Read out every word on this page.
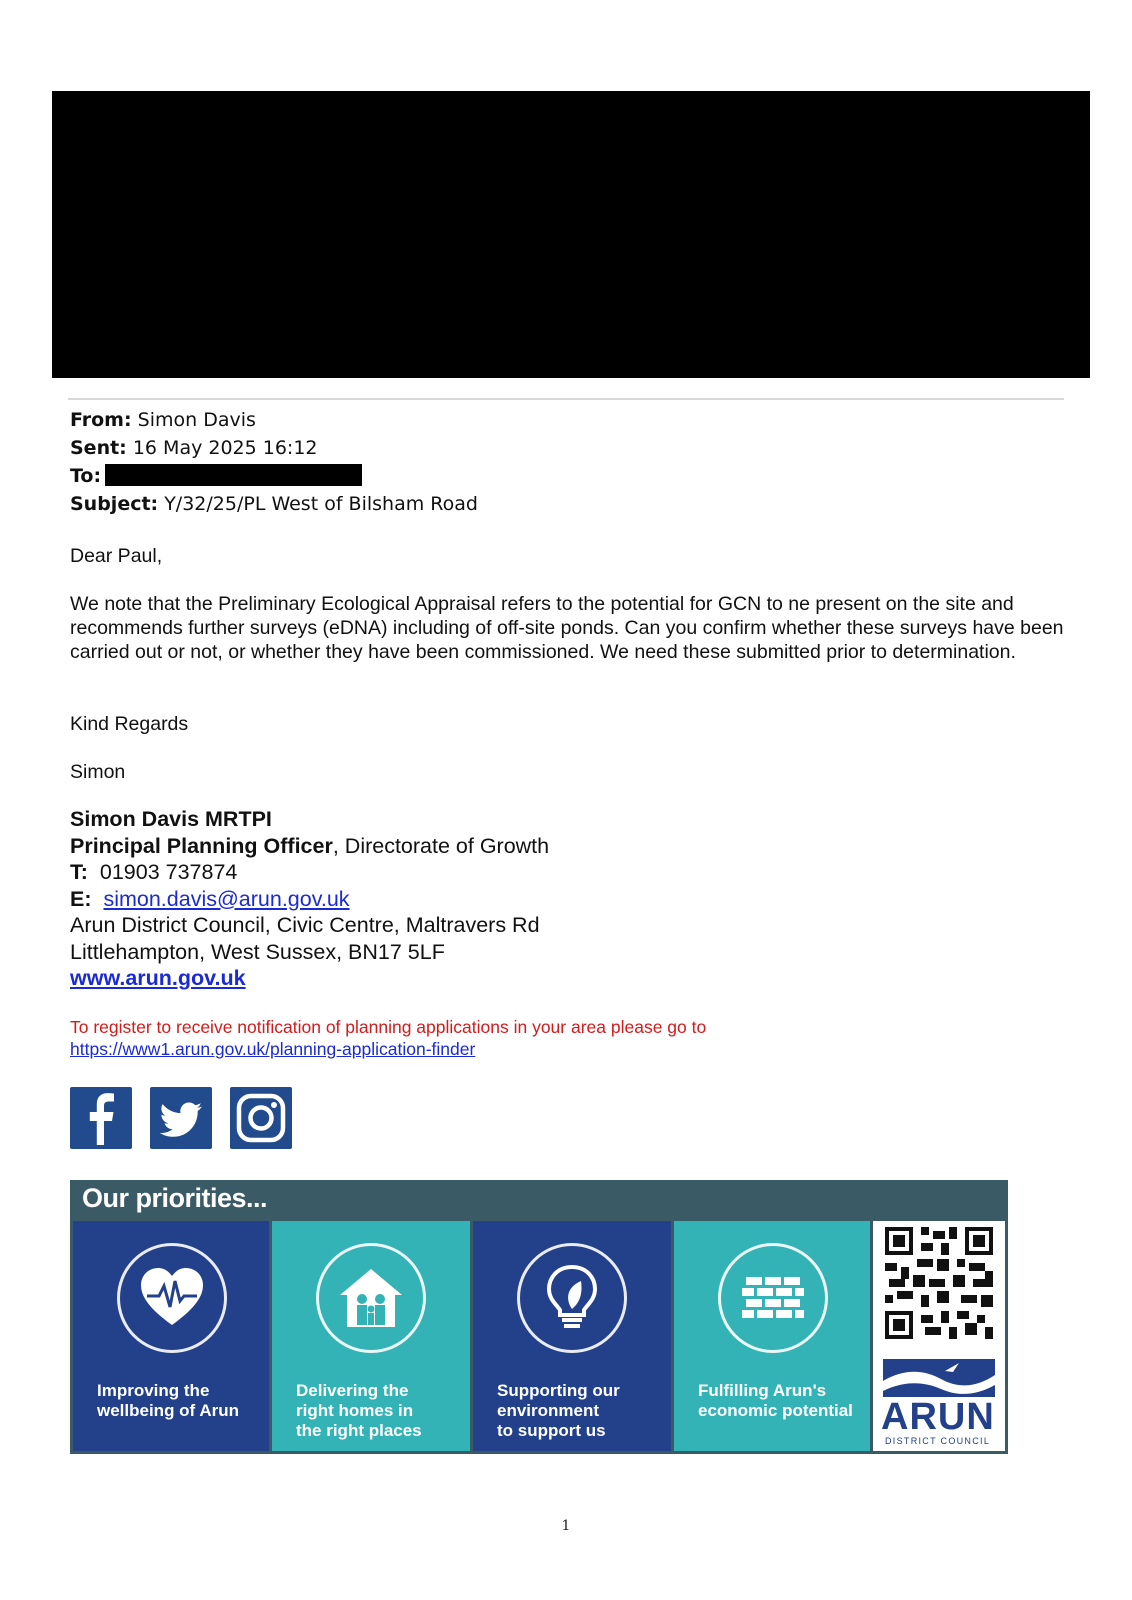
From: Simon Davis
Sent: 16 May 2025 16:12
To:
Subject: Y/32/25/PL West of Bilsham Road
Dear Paul,
We note that the Preliminary Ecological Appraisal refers to the potential for GCN to ne present on the site and recommends further surveys (eDNA) including of off-site ponds. Can you confirm whether these surveys have been carried out or not, or whether they have been commissioned. We need these submitted prior to determination.
Kind Regards
Simon
Simon Davis MRTPI
Principal Planning Officer, Directorate of Growth
T: 01903 737874
E: simon.davis@arun.gov.uk
Arun District Council, Civic Centre, Maltravers Rd
Littlehampton, West Sussex, BN17 5LF
www.arun.gov.uk
To register to receive notification of planning applications in your area please go to
https://www1.arun.gov.uk/planning-application-finder
Our priorities...
Improving the
wellbeing of Arun
Delivering the
right homes in
the right places
Supporting our
environment
to support us
Fulfilling Arun's
economic potential ARUN
DISTRICT COUNCIL
1
